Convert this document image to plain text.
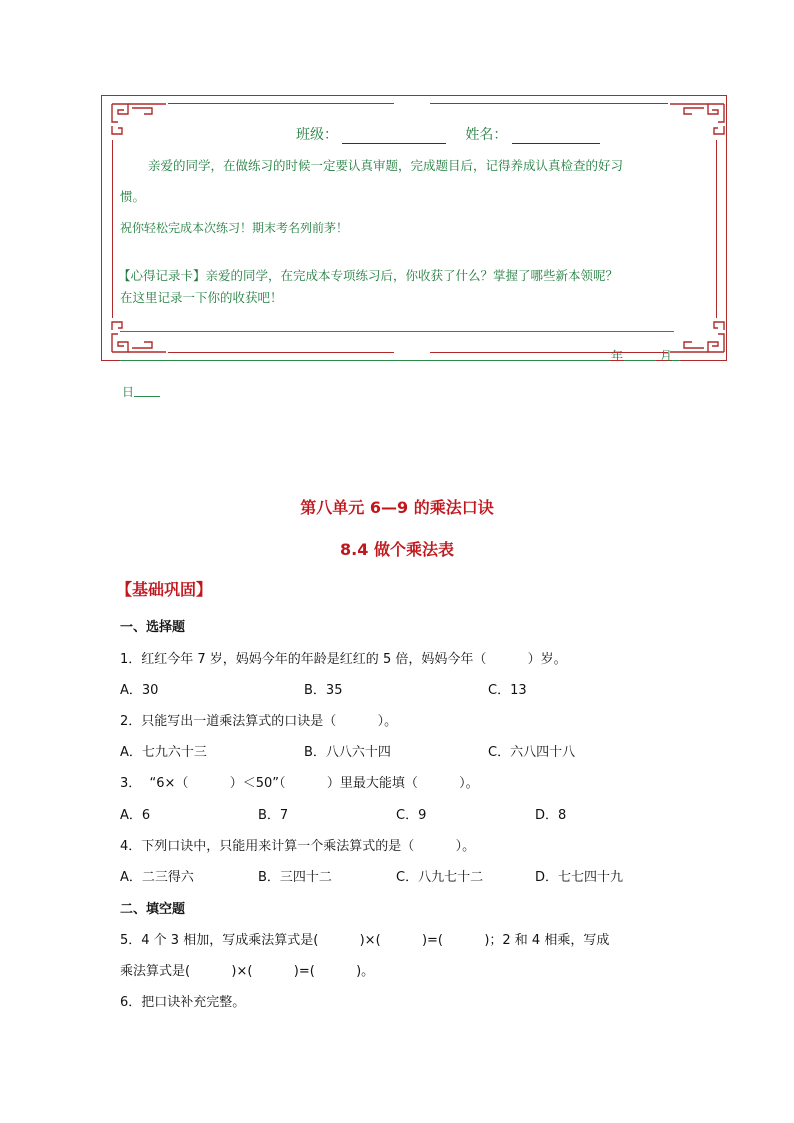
班级：	姓名：
亲爱的同学，在做练习的时候一定要认真审题，完成题目后，记得养成认真检查的好习
惯。
祝你轻松完成本次练习！期末考名列前茅！
【心得记录卡】亲爱的同学，在完成本专项练习后，你收获了什么？掌握了哪些新本领呢？
在这里记录一下你的收获吧！
年	月
日
第八单元 6—9 的乘法口诀
8.4 做个乘法表
【基础巩固】
一、选择题
1．红红今年 7 岁，妈妈今年的年龄是红红的 5 倍，妈妈今年（          ）岁。
A．30	B．35	C．13
2．只能写出一道乘法算式的口诀是（          ）。
A．七九六十三	B．八八六十四	C．六八四十八
3．  “6×（          ）＜50”（          ）里最大能填（          ）。
A．6	B．7	C．9	D．8
4．下列口诀中，只能用来计算一个乘法算式的是（          ）。
A．二三得六	B．三四十二	C．八九七十二	D．七七四十九
二、填空题
5．4 个 3 相加，写成乘法算式是(          )×(          )=(          )；2 和 4 相乘，写成
乘法算式是(          )×(          )=(          )。
6．把口诀补充完整。
